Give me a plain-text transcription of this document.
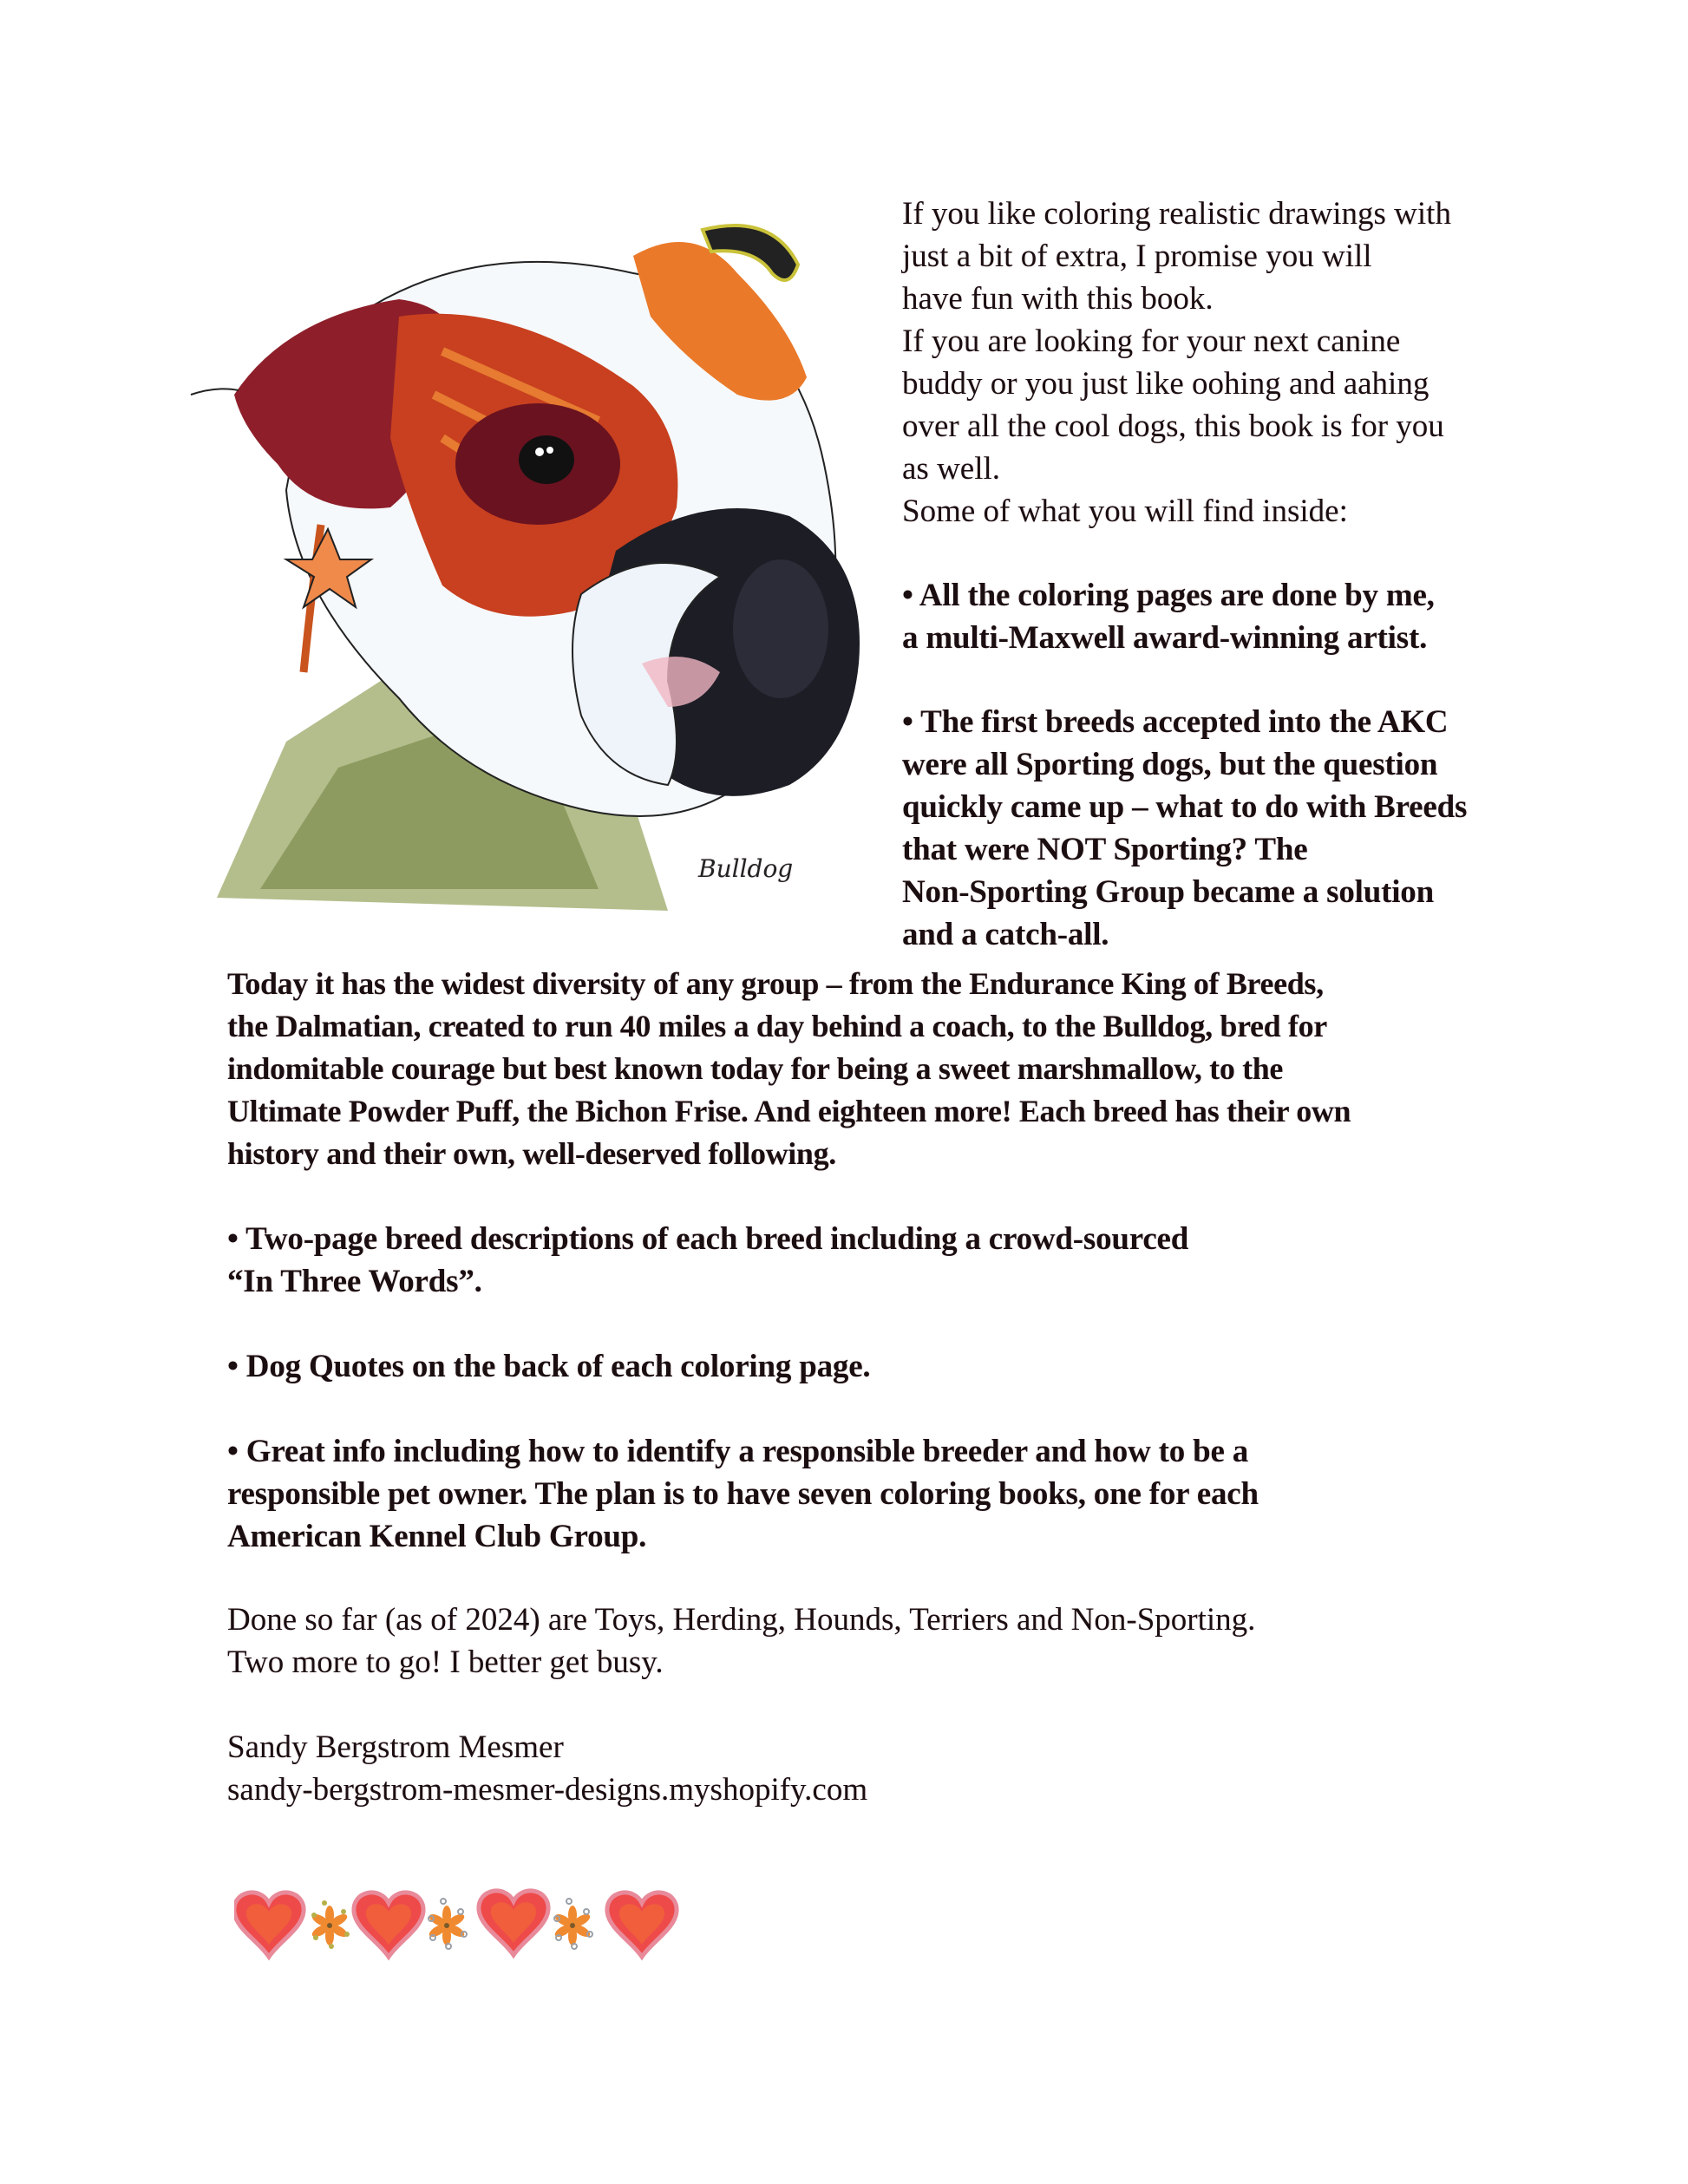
Bulldog
If you like coloring realistic drawings with
just a bit of extra, I promise you will
have fun with this book.
If you are looking for your next canine
buddy or you just like oohing and aahing
over all the cool dogs, this book is for you
as well.
Some of what you will find inside:
• All the coloring pages are done by me,
a multi-Maxwell award-winning artist.
• The first breeds accepted into the AKC
were all Sporting dogs, but the question
quickly came up – what to do with Breeds
that were NOT Sporting? The
Non-Sporting Group became a solution
and a catch-all.
Today it has the widest diversity of any group – from the Endurance King of Breeds,
the Dalmatian, created to run 40 miles a day behind a coach, to the Bulldog, bred for
indomitable courage but best known today for being a sweet marshmallow, to the
Ultimate Powder Puff, the Bichon Frise. And eighteen more! Each breed has their own
history and their own, well-deserved following.
• Two-page breed descriptions of each breed including a crowd-sourced
“In Three Words”.
• Dog Quotes on the back of each coloring page.
• Great info including how to identify a responsible breeder and how to be a
responsible pet owner. The plan is to have seven coloring books, one for each
American Kennel Club Group.
Done so far (as of 2024) are Toys, Herding, Hounds, Terriers and Non-Sporting.
Two more to go! I better get busy.
Sandy Bergstrom Mesmer
sandy-bergstrom-mesmer-designs.myshopify.com
